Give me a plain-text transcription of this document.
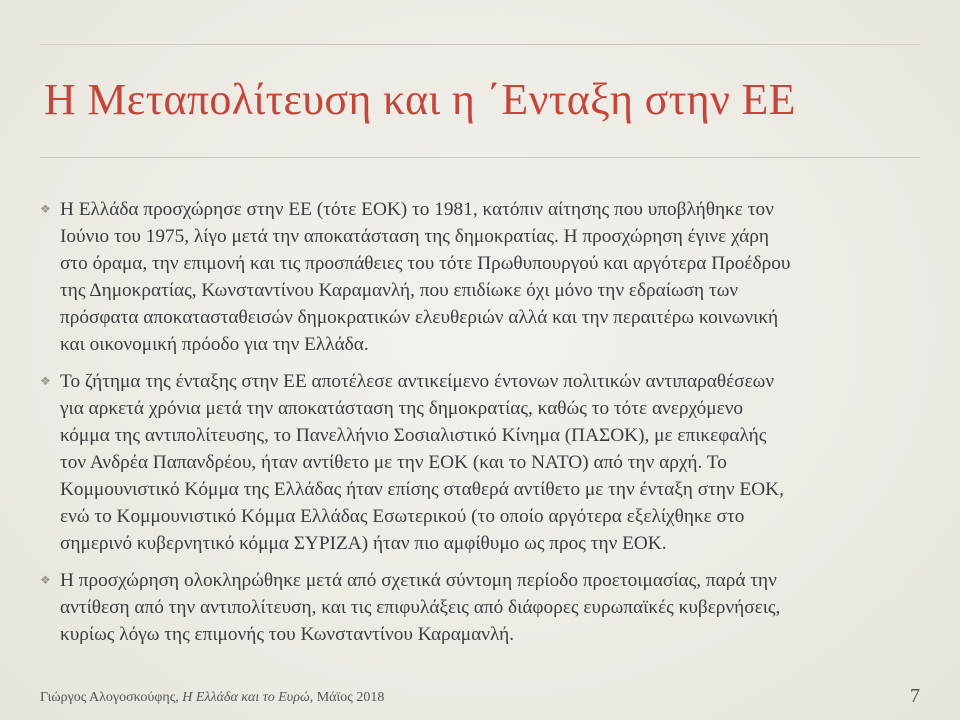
Η Μεταπολίτευση και η ΄Ενταξη στην ΕΕ
❖ Η Ελλάδα προσχώρησε στην ΕΕ (τότε ΕΟΚ) το 1981, κατόπιν αίτησης που υποβλήθηκε τον
Ιούνιο του 1975, λίγο μετά την αποκατάσταση της δημοκρατίας. Η προσχώρηση έγινε χάρη
στο όραμα, την επιμονή και τις προσπάθειες του τότε Πρωθυπουργού και αργότερα Προέδρου
της Δημοκρατίας, Κωνσταντίνου Καραμανλή, που επιδίωκε όχι μόνο την εδραίωση των
πρόσφατα αποκατασταθεισών δημοκρατικών ελευθεριών αλλά και την περαιτέρω κοινωνική
και οικονομική πρόοδο για την Ελλάδα.
❖ Το ζήτημα της ένταξης στην ΕΕ αποτέλεσε αντικείμενο έντονων πολιτικών αντιπαραθέσεων
για αρκετά χρόνια μετά την αποκατάσταση της δημοκρατίας, καθώς το τότε ανερχόμενο
κόμμα της αντιπολίτευσης, το Πανελλήνιο Σοσιαλιστικό Κίνημα (ΠΑΣΟΚ), με επικεφαλής
τον Ανδρέα Παπανδρέου, ήταν αντίθετο με την ΕΟΚ (και το ΝΑΤΟ) από την αρχή. Το
Κομμουνιστικό Κόμμα της Ελλάδας ήταν επίσης σταθερά αντίθετο με την ένταξη στην ΕΟΚ,
ενώ το Κομμουνιστικό Κόμμα Ελλάδας Εσωτερικού (το οποίο αργότερα εξελίχθηκε στο
σημερινό κυβερνητικό κόμμα ΣΥΡΙΖΑ) ήταν πιο αμφίθυμο ως προς την ΕΟΚ.
❖ Η προσχώρηση ολοκληρώθηκε μετά από σχετικά σύντομη περίοδο προετοιμασίας, παρά την
αντίθεση από την αντιπολίτευση, και τις επιφυλάξεις από διάφορες ευρωπαϊκές κυβερνήσεις,
κυρίως λόγω της επιμονής του Κωνσταντίνου Καραμανλή.
Γιώργος Αλογοσκούφης, Η Ελλάδα και το Ευρώ, Μάϊος 2018	7
